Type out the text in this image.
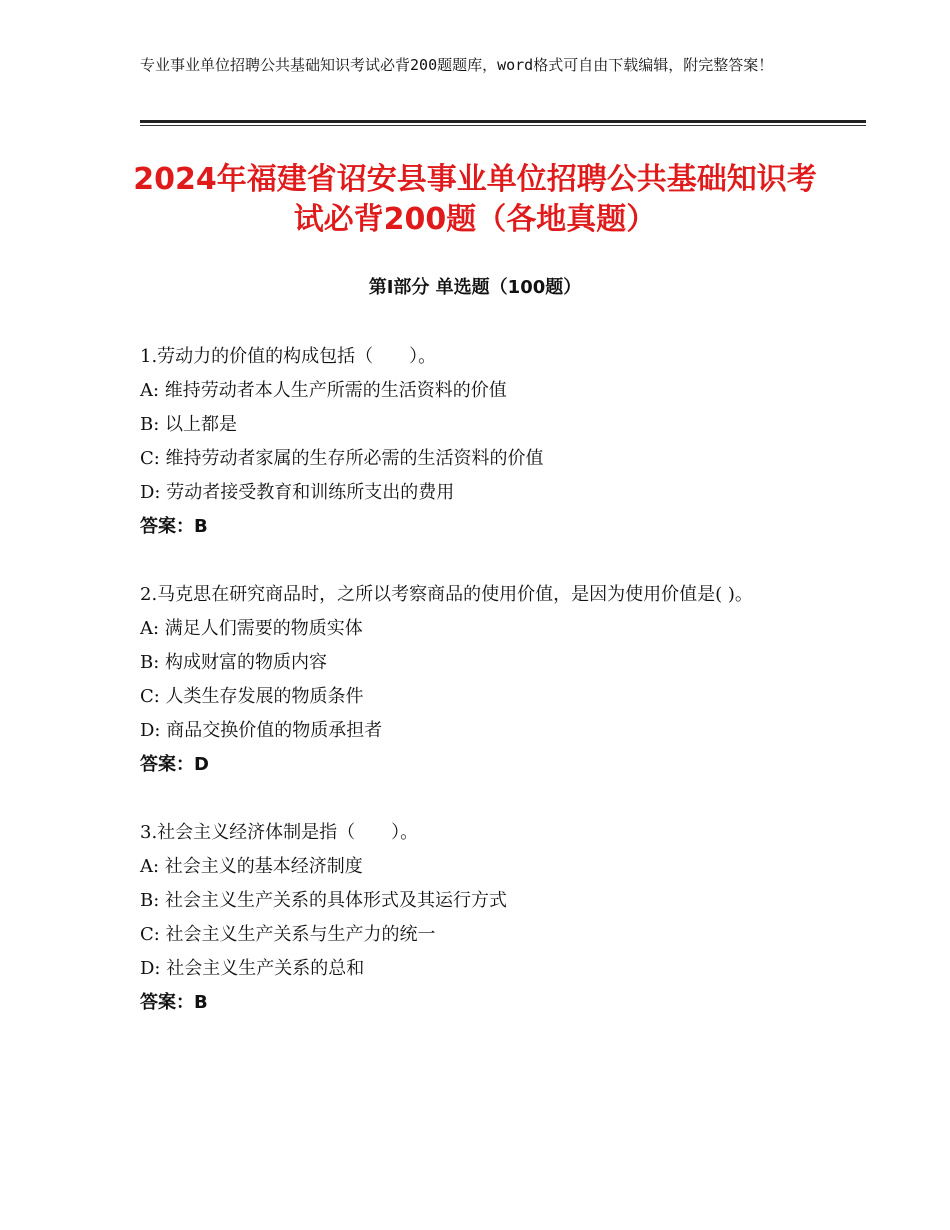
专业事业单位招聘公共基础知识考试必背200题题库，word格式可自由下载编辑，附完整答案！
2024年福建省诏安县事业单位招聘公共基础知识考试必背200题（各地真题）
第Ⅰ部分 单选题（100题）
1.劳动力的价值的构成包括（　　）。
A: 维持劳动者本人生产所需的生活资料的价值
B: 以上都是
C: 维持劳动者家属的生存所必需的生活资料的价值
D: 劳动者接受教育和训练所支出的费用
答案：B
2.马克思在研究商品时，之所以考察商品的使用价值，是因为使用价值是( )。
A: 满足人们需要的物质实体
B: 构成财富的物质内容
C: 人类生存发展的物质条件
D: 商品交换价值的物质承担者
答案：D
3.社会主义经济体制是指（　　）。
A: 社会主义的基本经济制度
B: 社会主义生产关系的具体形式及其运行方式
C: 社会主义生产关系与生产力的统一
D: 社会主义生产关系的总和
答案：B
